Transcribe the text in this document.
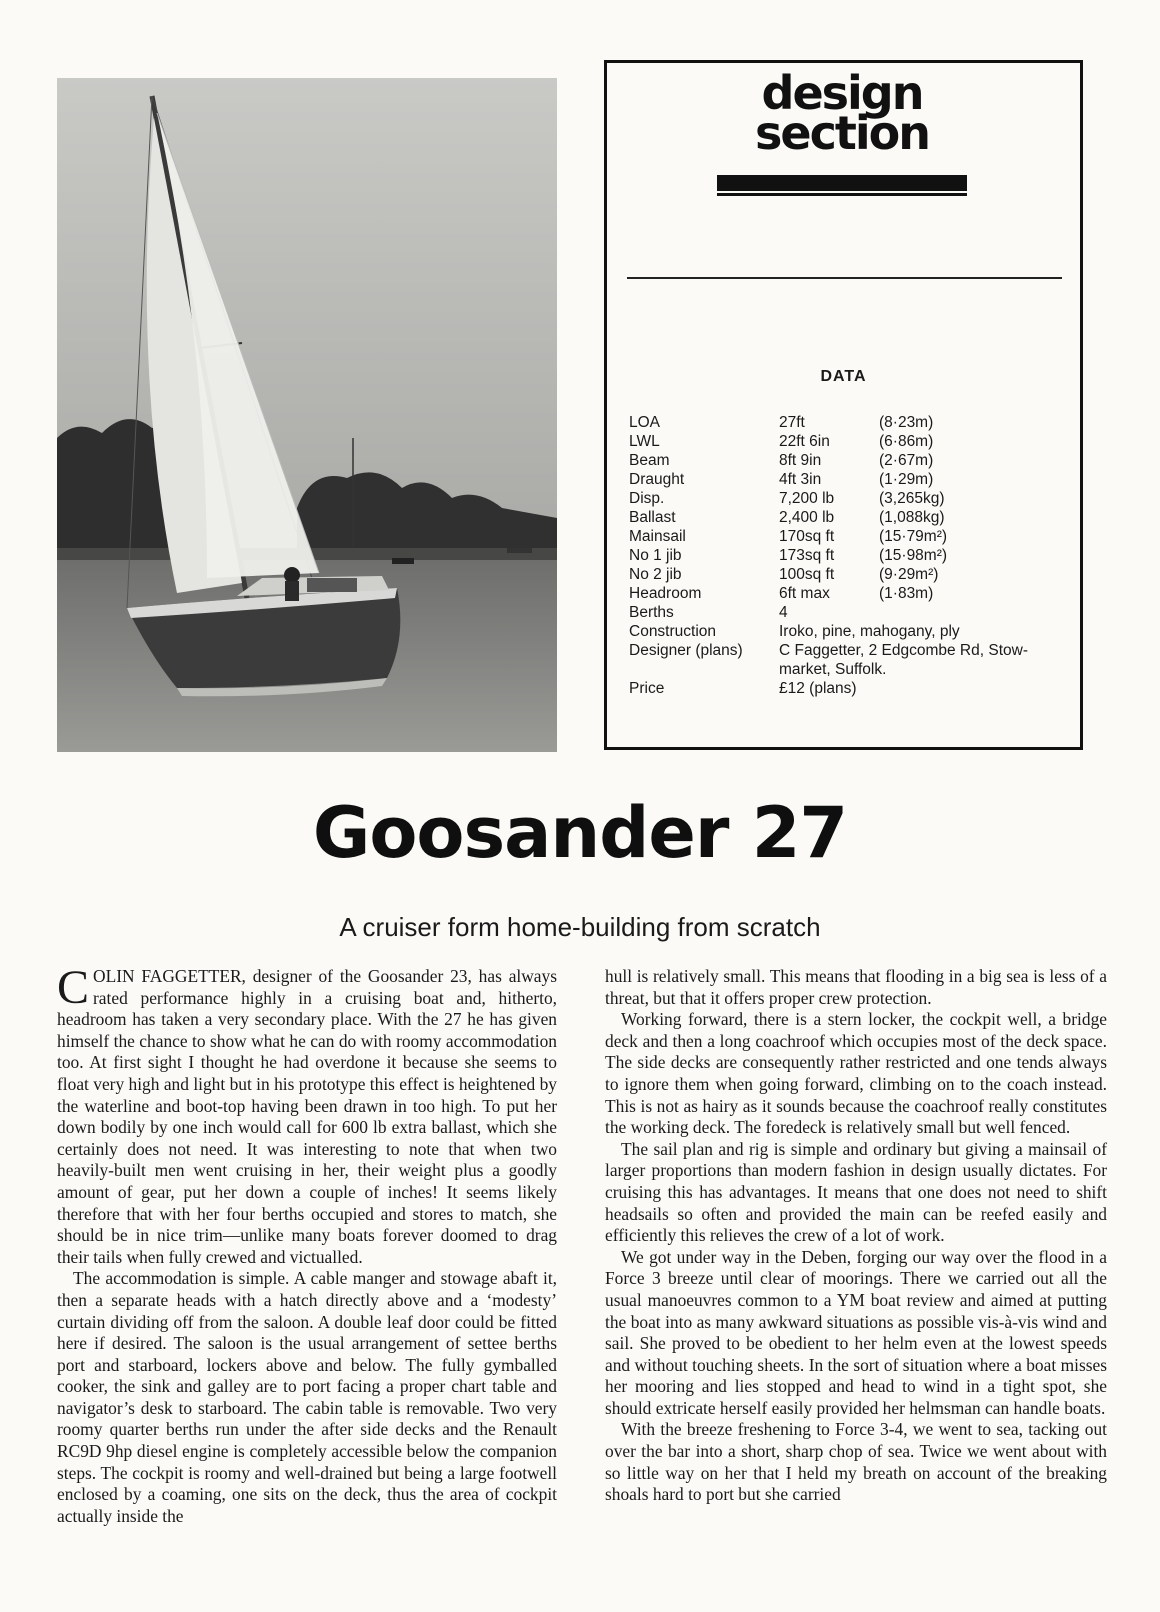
design
section
DATA
LOA	27ft	(8·23m)
LWL	22ft 6in	(6·86m)
Beam	8ft 9in	(2·67m)
Draught	4ft 3in	(1·29m)
Disp.	7,200 lb	(3,265kg)
Ballast	2,400 lb	(1,088kg)
Mainsail	170sq ft	(15·79m²)
No 1 jib	173sq ft	(15·98m²)
No 2 jib	100sq ft	(9·29m²)
Headroom	6ft max	(1·83m)
Berths	4
Construction	Iroko, pine, mahogany, ply
Designer (plans)	C Faggetter, 2 Edgcombe Rd, Stow-market, Suffolk.
Price	£12 (plans)
Goosander 27
A cruiser form home-building from scratch

COLIN FAGGETTER, designer of the Goosander 23, has always rated performance highly in a cruising boat and, hitherto, headroom has taken a very secondary place. With the 27 he has given himself the chance to show what he can do with roomy accommodation too. At first sight I thought he had overdone it because she seems to float very high and light but in his prototype this effect is heightened by the waterline and boot-top having been drawn in too high. To put her down bodily by one inch would call for 600 lb extra ballast, which she certainly does not need. It was interesting to note that when two heavily-built men went cruising in her, their weight plus a goodly amount of gear, put her down a couple of inches! It seems likely therefore that with her four berths occupied and stores to match, she should be in nice trim—unlike many boats forever doomed to drag their tails when fully crewed and victualled.

The accommodation is simple. A cable manger and stowage abaft it, then a separate heads with a hatch directly above and a ‘modesty’ curtain dividing off from the saloon. A double leaf door could be fitted here if desired. The saloon is the usual arrangement of settee berths port and starboard, lockers above and below. The fully gymballed cooker, the sink and galley are to port facing a proper chart table and navigator’s desk to starboard. The cabin table is removable. Two very roomy quarter berths run under the after side decks and the Renault RC9D 9hp diesel engine is completely accessible below the companion steps. The cockpit is roomy and well-drained but being a large footwell enclosed by a coaming, one sits on the deck, thus the area of cockpit actually inside the

hull is relatively small. This means that flooding in a big sea is less of a threat, but that it offers proper crew protection.

Working forward, there is a stern locker, the cockpit well, a bridge deck and then a long coachroof which occupies most of the deck space. The side decks are consequently rather restricted and one tends always to ignore them when going forward, climbing on to the coach instead. This is not as hairy as it sounds because the coachroof really constitutes the working deck. The foredeck is relatively small but well fenced.

The sail plan and rig is simple and ordinary but giving a mainsail of larger proportions than modern fashion in design usually dictates. For cruising this has advantages. It means that one does not need to shift headsails so often and provided the main can be reefed easily and efficiently this relieves the crew of a lot of work.

We got under way in the Deben, forging our way over the flood in a Force 3 breeze until clear of moorings. There we carried out all the usual manoeuvres common to a YM boat review and aimed at putting the boat into as many awkward situations as possible vis-à-vis wind and sail. She proved to be obedient to her helm even at the lowest speeds and without touching sheets. In the sort of situation where a boat misses her mooring and lies stopped and head to wind in a tight spot, she should extricate herself easily provided her helmsman can handle boats.

With the breeze freshening to Force 3-4, we went to sea, tacking out over the bar into a short, sharp chop of sea. Twice we went about with so little way on her that I held my breath on account of the breaking shoals hard to port but she carried
